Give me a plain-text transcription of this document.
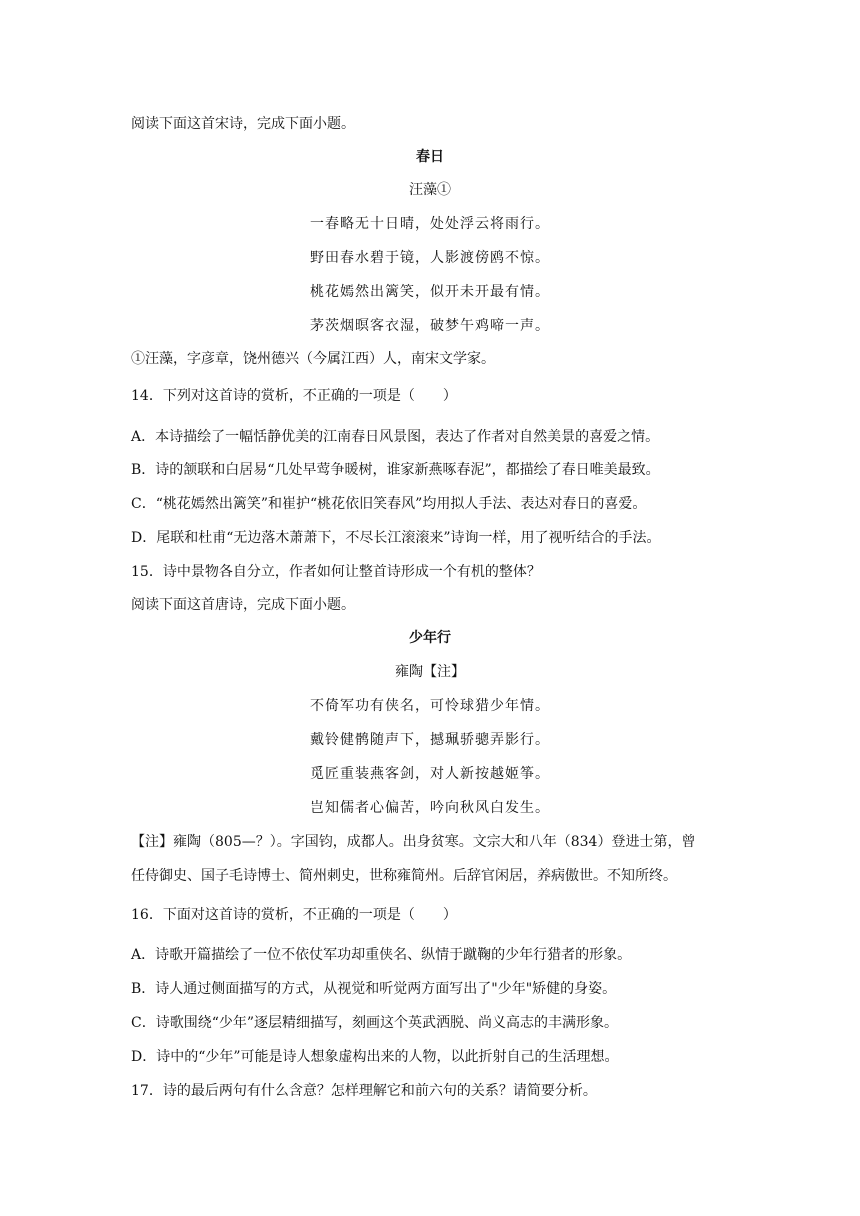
阅读下面这首宋诗，完成下面小题。
春日
汪藻①
一春略无十日晴，处处浮云将雨行。
野田春水碧于镜，人影渡傍鸥不惊。
桃花嫣然出篱笑，似开未开最有情。
茅茨烟暝客衣湿，破梦午鸡啼一声。
①汪藻，字彦章，饶州德兴（今属江西）人，南宋文学家。
14．下列对这首诗的赏析，不正确的一项是（　　）
A．本诗描绘了一幅恬静优美的江南春日风景图，表达了作者对自然美景的喜爱之情。
B．诗的颔联和白居易“几处早莺争暖树，谁家新燕啄春泥”，都描绘了春日唯美最致。
C．“桃花嫣然出篱笑”和崔护“桃花依旧笑春风”均用拟人手法、表达对春日的喜爱。
D．尾联和杜甫“无边落木萧萧下，不尽长江滚滚来”诗询一样，用了视听结合的手法。
15．诗中景物各自分立，作者如何让整首诗形成一个有机的整体？
阅读下面这首唐诗，完成下面小题。
少年行
雍陶【注】
不倚军功有侠名，可怜球猎少年情。
戴铃健鹘随声下，撼珮骄骢弄影行。
觅匠重装燕客剑，对人新按越姬筝。
岂知儒者心偏苦，吟向秋风白发生。
【注】雍陶（805—？）。字国钧，成都人。出身贫寒。文宗大和八年（834）登进士第，曾
任侍御史、国子毛诗博士、简州刺史，世称雍简州。后辞官闲居，养病傲世。不知所终。
16．下面对这首诗的赏析，不正确的一项是（　　）
A．诗歌开篇描绘了一位不依仗军功却重侠名、纵情于蹴鞠的少年行猎者的形象。
B．诗人通过侧面描写的方式，从视觉和听觉两方面写出了"少年"矫健的身姿。
C．诗歌围绕“少年”逐层精细描写，刻画这个英武洒脱、尚义高志的丰满形象。
D．诗中的“少年”可能是诗人想象虚构出来的人物，以此折射自己的生活理想。
17．诗的最后两句有什么含意？怎样理解它和前六句的关系？请简要分析。
